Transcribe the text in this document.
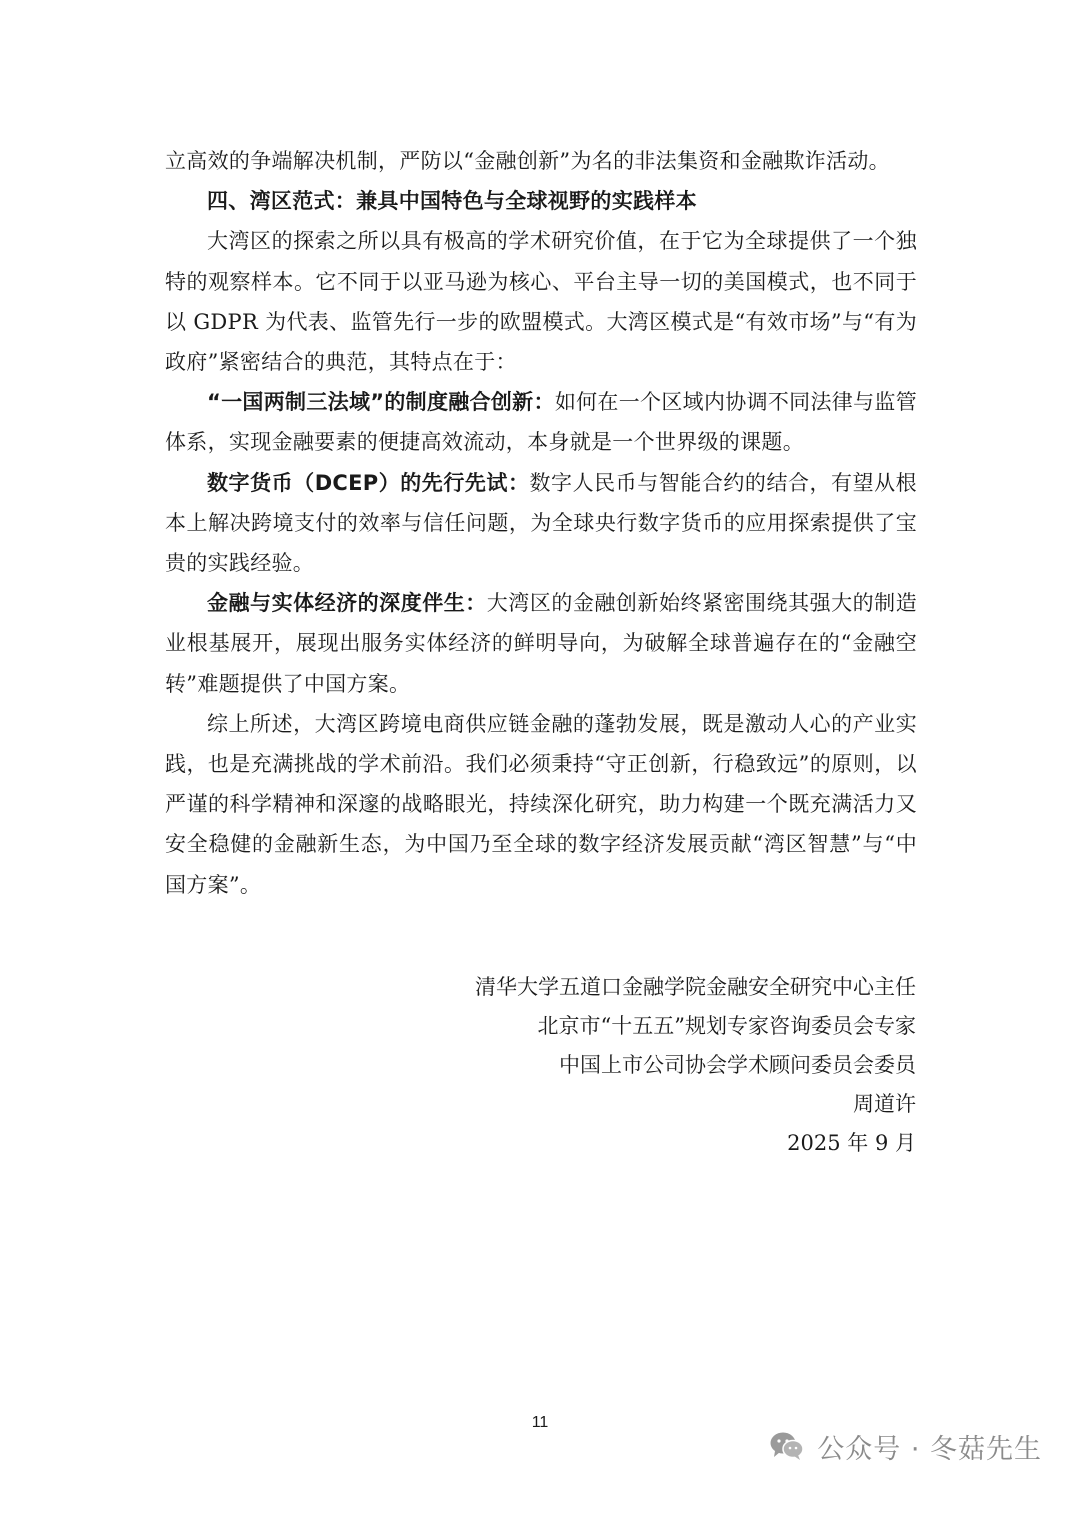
立高效的争端解决机制，严防以“金融创新”为名的非法集资和金融欺诈活动。

四、湾区范式：兼具中国特色与全球视野的实践样本

大湾区的探索之所以具有极高的学术研究价值，在于它为全球提供了一个独特的观察样本。它不同于以亚马逊为核心、平台主导一切的美国模式，也不同于以 GDPR 为代表、监管先行一步的欧盟模式。大湾区模式是“有效市场”与“有为政府”紧密结合的典范，其特点在于：

“一国两制三法域”的制度融合创新：如何在一个区域内协调不同法律与监管体系，实现金融要素的便捷高效流动，本身就是一个世界级的课题。

数字货币（DCEP）的先行先试：数字人民币与智能合约的结合，有望从根本上解决跨境支付的效率与信任问题，为全球央行数字货币的应用探索提供了宝贵的实践经验。

金融与实体经济的深度伴生：大湾区的金融创新始终紧密围绕其强大的制造业根基展开，展现出服务实体经济的鲜明导向，为破解全球普遍存在的“金融空转”难题提供了中国方案。

综上所述，大湾区跨境电商供应链金融的蓬勃发展，既是激动人心的产业实践，也是充满挑战的学术前沿。我们必须秉持“守正创新，行稳致远”的原则，以严谨的科学精神和深邃的战略眼光，持续深化研究，助力构建一个既充满活力又安全稳健的金融新生态，为中国乃至全球的数字经济发展贡献“湾区智慧”与“中国方案”。

清华大学五道口金融学院金融安全研究中心主任
北京市“十五五”规划专家咨询委员会专家
中国上市公司协会学术顾问委员会委员
周道许
2025 年 9 月
11
公众号 · 冬菇先生
